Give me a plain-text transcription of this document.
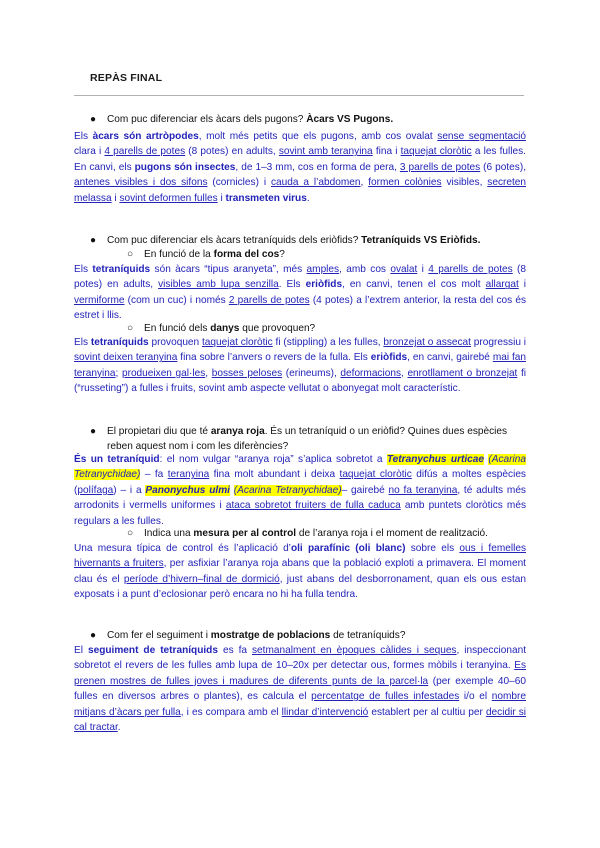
REPÀS FINAL
● Com puc diferenciar els àcars dels pugons? Àcars VS Pugons.
Els àcars són artròpodes, molt més petits que els pugons, amb cos ovalat sense segmentació clara i 4 parells de potes (8 potes) en adults, sovint amb teranyina fina i taquejat cloròtic a les fulles. En canvi, els pugons són insectes, de 1–3 mm, cos en forma de pera, 3 parells de potes (6 potes), antenes visibles i dos sifons (cornicles) i cauda a l’abdomen, formen colònies visibles, secreten melassa i sovint deformen fulles i transmeten virus.
● Com puc diferenciar els àcars tetraníquids dels eriòfids? Tetraníquids VS Eriòfids.
○ En funció de la forma del cos?
Els tetraníquids són àcars “tipus aranyeta”, més amples, amb cos ovalat i 4 parells de potes (8 potes) en adults, visibles amb lupa senzilla. Els eriòfids, en canvi, tenen el cos molt allargat i vermiforme (com un cuc) i només 2 parells de potes (4 potes) a l’extrem anterior, la resta del cos és estret i llis.
○ En funció dels danys que provoquen?
Els tetraníquids provoquen taquejat cloròtic fi (stippling) a les fulles, bronzejat o assecat progressiu i sovint deixen teranyina fina sobre l’anvers o revers de la fulla. Els eriòfids, en canvi, gairebé mai fan teranyina; produeixen gal·les, bosses peloses (erineums), deformacions, enrotllament o bronzejat fi (“russeting”) a fulles i fruits, sovint amb aspecte vellutat o abonyegat molt característic.
● El propietari diu que té aranya roja. És un tetraníquid o un eriòfid? Quines dues espècies reben aquest nom i com les diferències?
És un tetraníquid: el nom vulgar “aranya roja” s’aplica sobretot a Tetranychus urticae (Acarina Tetranychidae) – fa teranyina fina molt abundant i deixa taquejat cloròtic difús a moltes espècies (polífaga) – i a Panonychus ulmi (Acarina Tetranychidae)– gairebé no fa teranyina, té adults més arrodonits i vermells uniformes i ataca sobretot fruiters de fulla caduca amb puntets cloròtics més regulars a les fulles.
○ Indica una mesura per al control de l’aranya roja i el moment de realització.
Una mesura típica de control és l’aplicació d’oli parafínic (oli blanc) sobre els ous i femelles hivernants a fruiters, per asfixiar l’aranya roja abans que la població exploti a primavera. El moment clau és el període d’hivern–final de dormició, just abans del desborronament, quan els ous estan exposats i a punt d’eclosionar però encara no hi ha fulla tendra.
● Com fer el seguiment i mostratge de poblacions de tetraníquids?
El seguiment de tetraníquids es fa setmanalment en èpoques càlides i seques, inspeccionant sobretot el revers de les fulles amb lupa de 10–20x per detectar ous, formes mòbils i teranyina. Es prenen mostres de fulles joves i madures de diferents punts de la parcel·la (per exemple 40–60 fulles en diversos arbres o plantes), es calcula el percentatge de fulles infestades i/o el nombre mitjans d’àcars per fulla, i es compara amb el llindar d’intervenció establert per al cultiu per decidir si cal tractar.
